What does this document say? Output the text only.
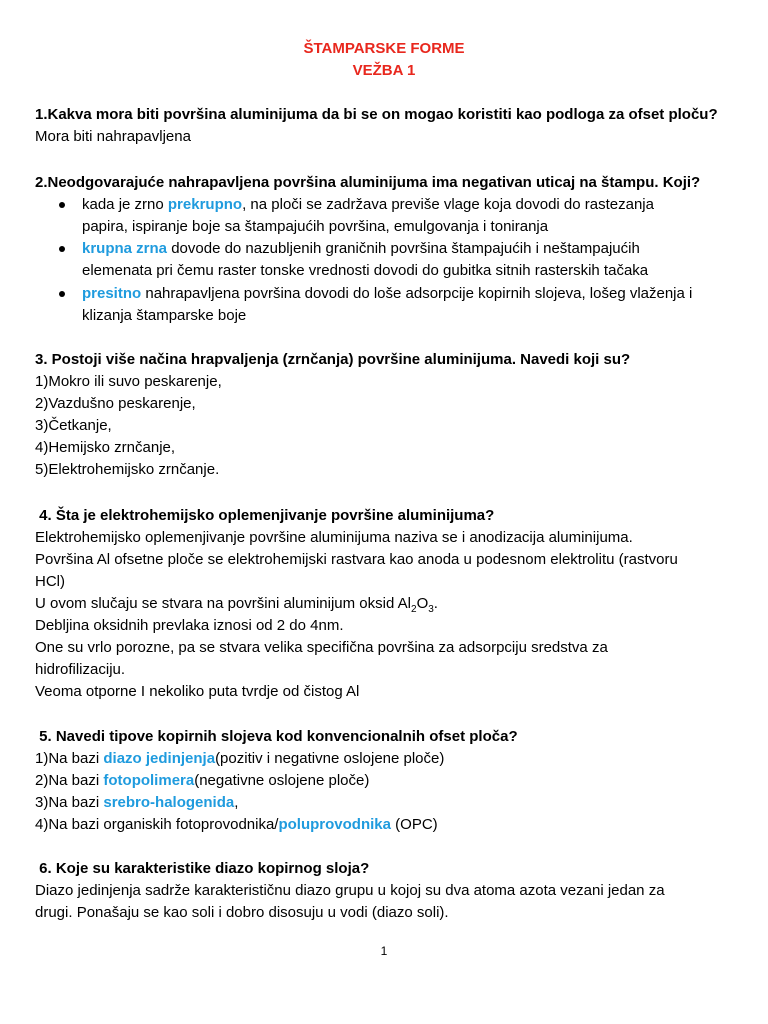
ŠTAMPARSKE FORME
VEŽBA 1
1.Kakva mora biti površina aluminijuma da bi se on mogao koristiti kao podloga za ofset ploču?
Mora biti nahrapavljena
2.Neodgovarajuće nahrapavljena površina aluminijuma ima negativan uticaj na štampu. Koji?
kada je zrno prekrupno, na ploči se zadržava previše vlage koja dovodi do rastezanja
papira, ispiranje boje sa štampajućih površina, emulgovanja i toniranja
krupna zrna dovode do nazubljenih graničnih površina štampajućih i neštampajućih
elemenata pri čemu raster tonske vrednosti dovodi do gubitka sitnih rasterskih tačaka
presitno nahrapavljena površina dovodi do loše adsorpcije kopirnih slojeva, lošeg vlaženja i
klizanja štamparske boje
3. Postoji više načina hrapvaljenja (zrnčanja) površine aluminijuma. Navedi koji su?
1)Mokro ili suvo peskarenje,
2)Vazdušno peskarenje,
3)Četkanje,
4)Hemijsko zrnčanje,
5)Elektrohemijsko zrnčanje.
4. Šta je elektrohemijsko oplemenjivanje površine aluminijuma?
Elektrohemijsko oplemenjivanje površine aluminijuma naziva se i anodizacija aluminijuma.
Površina Al ofsetne ploče se elektrohemijski rastvara kao anoda u podesnom elektrolitu (rastvoru
HCl)
U ovom slučaju se stvara na površini aluminijum oksid $Al_2O_3$.
Debljina oksidnih prevlaka iznosi od 2 do 4nm.
One su vrlo porozne, pa se stvara velika specifična površina za adsorpciju sredstva za
hidrofilizaciju.
Veoma otporne I nekoliko puta tvrdje od čistog Al
5. Navedi tipove kopirnih slojeva kod konvencionalnih ofset ploča?
1)Na bazi diazo jedinjenja(pozitiv i negativne oslojene ploče)
2)Na bazi fotopolimera(negativne oslojene ploče)
3)Na bazi srebro-halogenida,
4)Na bazi organiskih fotoprovodnika/poluprovodnika (OPC)
6. Koje su karakteristike diazo kopirnog sloja?
Diazo jedinjenja sadrže karakterističnu diazo grupu u kojoj su dva atoma azota vezani jedan za
drugi. Ponašaju se kao soli i dobro disosuju u vodi (diazo soli).
1
